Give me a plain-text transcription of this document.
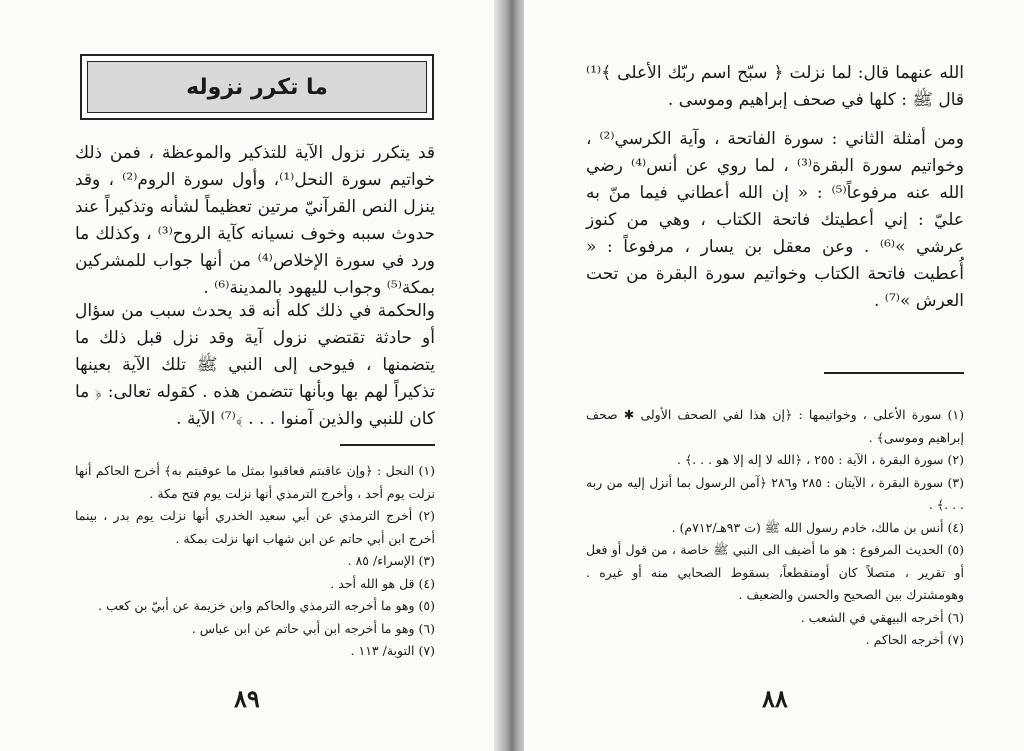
ما تكرر نزوله
قد يتكرر نزول الآية للتذكير والموعظة ، فمن ذلك خواتيم سورة النحل⁽¹⁾، وأول سورة الروم⁽²⁾ ، وقد ينزل النص القرآنيّ مرتين تعظيماً لشأنه وتذكيراً عند حدوث سببه وخوف نسيانه كآية الروح⁽³⁾ ، وكذلك ما ورد في سورة الإخلاص⁽⁴⁾ من أنها جواب للمشركين بمكة⁽⁵⁾ وجواب لليهود بالمدينة⁽⁶⁾ .
والحكمة في ذلك كله أنه قد يحدث سبب من سؤال أو حادثة تقتضي نزول آية وقد نزل قبل ذلك ما يتضمنها ، فيوحى إلى النبي ﷺ تلك الآية بعينها تذكيراً لهم بها وبأنها تتضمن هذه . كقوله تعالى: ﴿ ما كان للنبي والذين آمنوا . . . ﴾⁽⁷⁾ الآية .
(١) النحل : ﴿وإن عاقبتم فعاقبوا بمثل ما عوقبتم به﴾ أخرج الحاكم أنها نزلت يوم أحد ، وأخرج الترمذي أنها نزلت يوم فتح مكة .
(٢) أخرج الترمذي عن أبي سعيد الخدري أنها نزلت يوم بدر ، بينما أخرج ابن أبي حاتم عن ابن شهاب انها نزلت بمكة .
(٣) الإسراء/ ٨٥ .
(٤) قل هو الله أحد .
(٥) وهو ما أخرجه الترمذي والحاكم وابن خزيمة عن أبيّ بن كعب .
(٦) وهو ما أخرجه ابن أبي حاتم عن ابن عباس .
(٧) التوبة/ ١١٣ .
٨٩
الله عنهما قال: لما نزلت ﴿ سبّح اسم ربّك الأعلى ﴾⁽¹⁾ قال ﷺ : كلها في صحف إبراهيم وموسى .
ومن أمثلة الثاني : سورة الفاتحة ، وآية الكرسي⁽²⁾ ، وخواتيم سورة البقرة⁽³⁾ ، لما روي عن أنس⁽⁴⁾ رضي الله عنه مرفوعاً⁽⁵⁾ : « إن الله أعطاني فيما منّ به عليّ : إني أعطيتك فاتحة الكتاب ، وهي من كنوز عرشي »⁽⁶⁾ . وعن معقل بن يسار ، مرفوعاً : « أُعطيت فاتحة الكتاب وخواتيم سورة البقرة من تحت العرش »⁽⁷⁾ .
(١) سورة الأعلى ، وخواتيمها : ﴿إن هذا لفي الصحف الأولى ✱ صحف إبراهيم وموسى﴾ .
(٢) سورة البقرة ، الآية : ٢٥٥ ، ﴿الله لا إله إلا هو . . .﴾ .
(٣) سورة البقرة ، الآيتان : ٢٨٥ و٢٨٦ ﴿آمن الرسول بما أنزل إليه من ربه . . .﴾ .
(٤) أنس بن مالك، خادم رسول الله ﷺ (ت ٩٣هـ/٧١٢م) .
(٥) الحديث المرفوع : هو ما أضيف الى النبي ﷺ خاصة ، من قول أو فعل أو تقرير ، متصلاً كان أومنقطعاً، بسقوط الصحابي منه أو غيره . وهومشترك بين الصحيح والحسن والضعيف .
(٦) أخرجه البيهقي في الشعب .
(٧) أخرجه الحاكم .
٨٨
